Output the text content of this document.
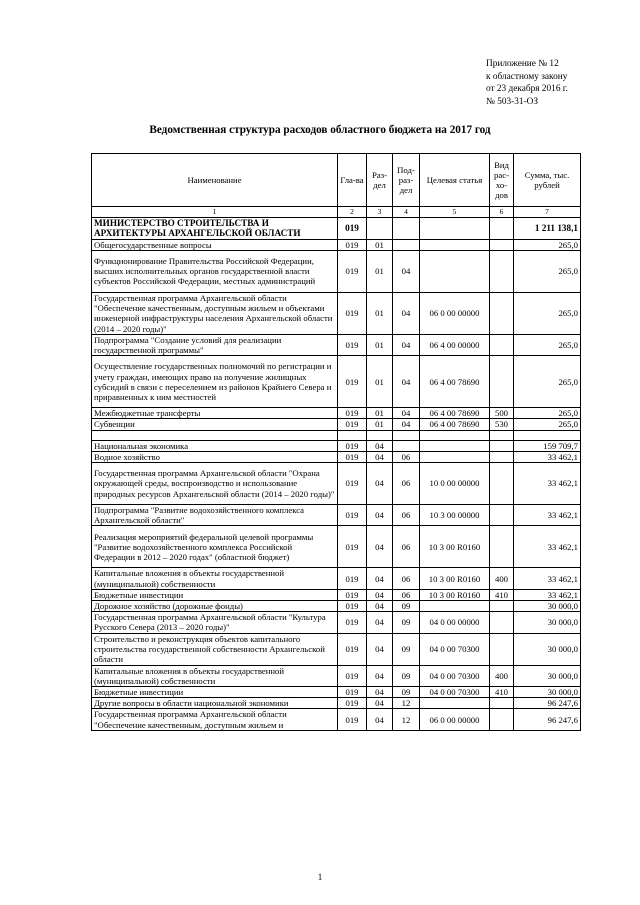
Приложение № 12
к областному закону
от 23 декабря 2016 г.
№ 503-31-ОЗ
Ведомственная структура расходов областного бюджета на 2017 год
Наименование	Гла-ва	Раз-дел	Под-раз-дел	Целевая статья	Вид рас-хо-дов	Сумма, тыс. рублей
1	2	3	4	5	6	7
МИНИСТЕРСТВО СТРОИТЕЛЬСТВА И АРХИТЕКТУРЫ АРХАНГЕЛЬСКОЙ ОБЛАСТИ	019					1 211 138,1
Общегосударственные вопросы	019	01				265,0
Функционирование Правительства Российской Федерации, высших исполнительных органов государственной власти субъектов Российской Федерации, местных администраций	019	01	04			265,0
Государственная программа Архангельской области "Обеспечение качественным, доступным жильем и объектами инженерной инфраструктуры населения Архангельской области (2014 – 2020 годы)"	019	01	04	06 0 00 00000		265,0
Подпрограмма "Создание условий для реализации государственной программы"	019	01	04	06 4 00 00000		265,0
Осуществление государственных полномочий по регистрации и учету граждан, имеющих право на получение жилищных субсидий в связи с переселением из районов Крайнего Севера и приравненных к ним местностей	019	01	04	06 4 00 78690		265,0
Межбюджетные трансферты	019	01	04	06 4 00 78690	500	265,0
Субвенции	019	01	04	06 4 00 78690	530	265,0

Национальная экономика	019	04				159 709,7
Водное хозяйство	019	04	06			33 462,1
Государственная программа Архангельской области "Охрана окружающей среды, воспроизводство и использование природных ресурсов Архангельской области (2014 – 2020 годы)"	019	04	06	10 0 00 00000		33 462,1
Подпрограмма "Развитие водохозяйственного комплекса Архангельской области"	019	04	06	10 3 00 00000		33 462,1
Реализация мероприятий федеральной целевой программы "Развитие водохозяйственного комплекса Российской Федерации в 2012 – 2020 годах" (областной бюджет)	019	04	06	10 3 00 R0160		33 462,1
Капитальные вложения в объекты государственной (муниципальной) собственности	019	04	06	10 3 00 R0160	400	33 462,1
Бюджетные инвестиции	019	04	06	10 3 00 R0160	410	33 462,1
Дорожное хозяйство (дорожные фонды)	019	04	09			30 000,0
Государственная программа Архангельской области "Культура Русского Севера (2013 – 2020 годы)"	019	04	09	04 0 00 00000		30 000,0
Строительство и реконструкция объектов капитального строительства государственной собственности Архангельской области	019	04	09	04 0 00 70300		30 000,0
Капитальные вложения в объекты государственной (муниципальной) собственности	019	04	09	04 0 00 70300	400	30 000,0
Бюджетные инвестиции	019	04	09	04 0 00 70300	410	30 000,0
Другие вопросы в области национальной экономики	019	04	12			96 247,6
Государственная программа Архангельской области "Обеспечение качественным, доступным жильем и	019	04	12	06 0 00 00000		96 247,6
1
